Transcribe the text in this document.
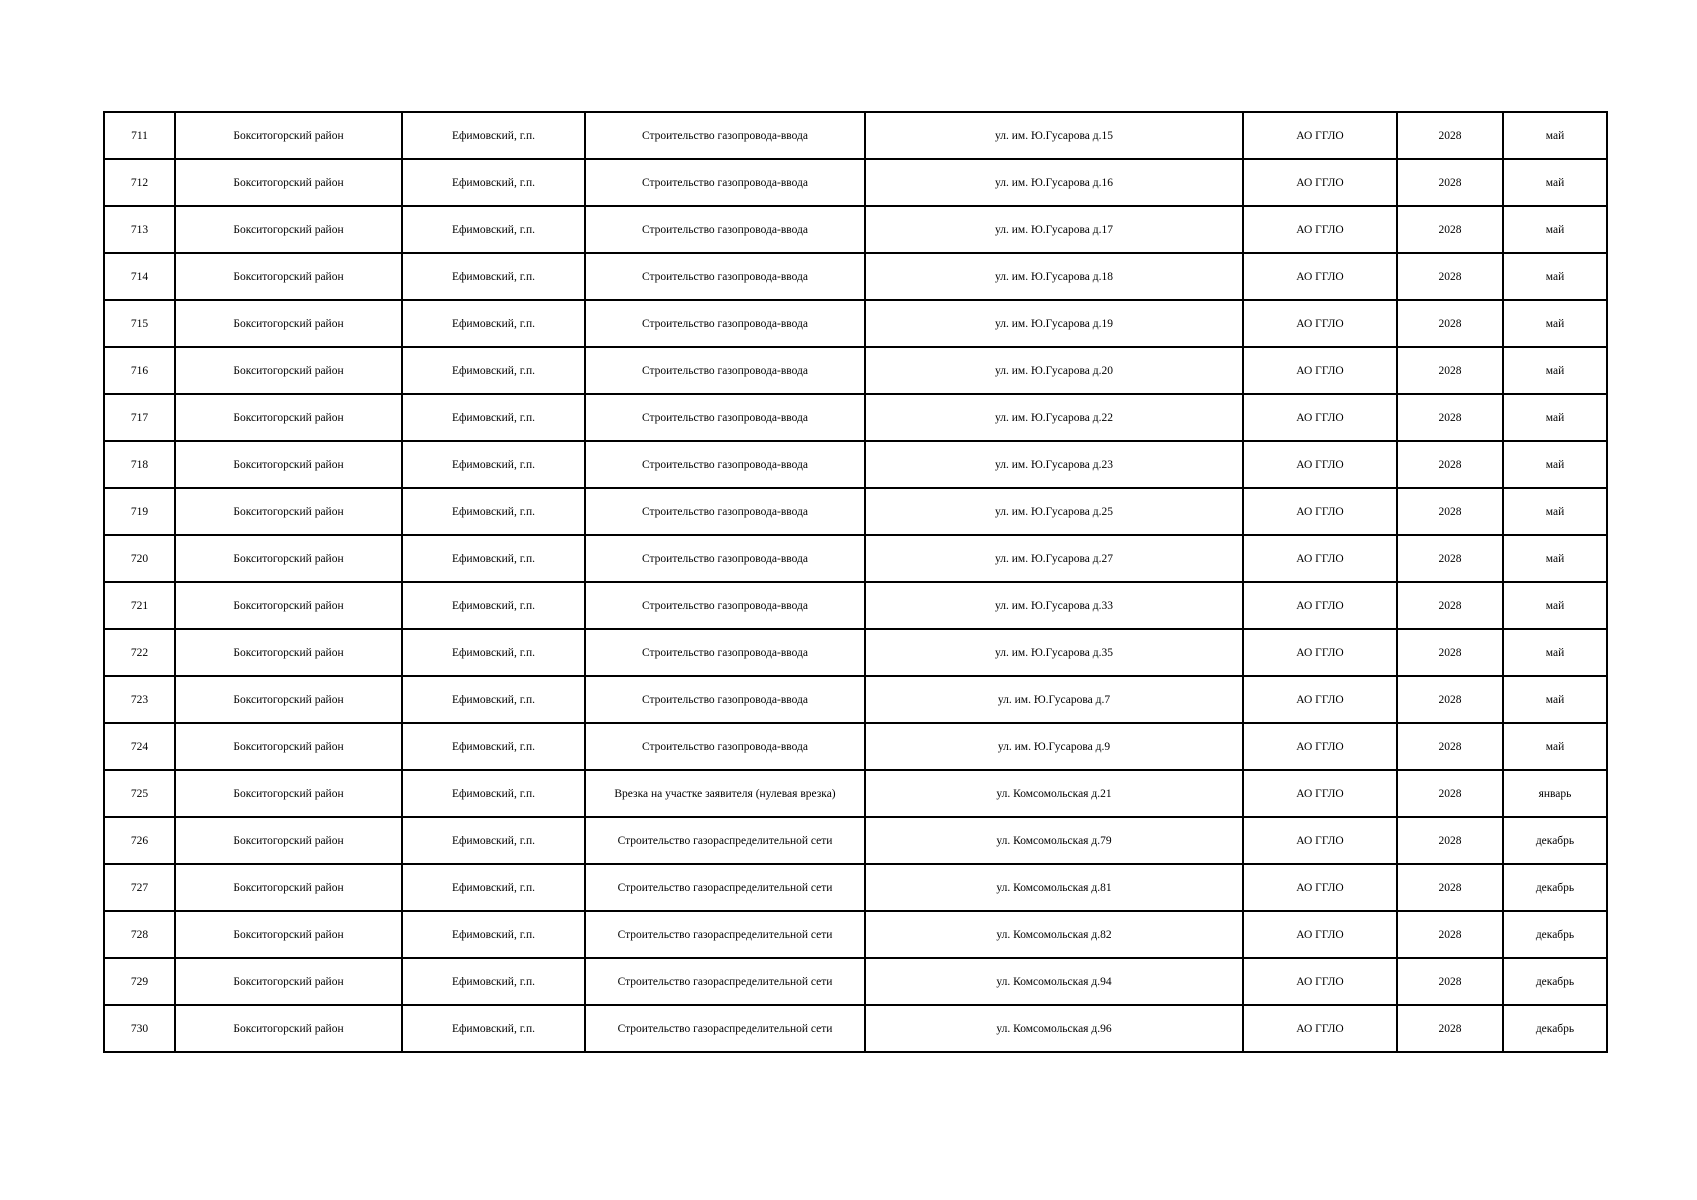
711	Бокситогорский район	Ефимовский, г.п.	Строительство газопровода-ввода	ул. им. Ю.Гусарова д.15	АО ГГЛО	2028	май
712	Бокситогорский район	Ефимовский, г.п.	Строительство газопровода-ввода	ул. им. Ю.Гусарова д.16	АО ГГЛО	2028	май
713	Бокситогорский район	Ефимовский, г.п.	Строительство газопровода-ввода	ул. им. Ю.Гусарова д.17	АО ГГЛО	2028	май
714	Бокситогорский район	Ефимовский, г.п.	Строительство газопровода-ввода	ул. им. Ю.Гусарова д.18	АО ГГЛО	2028	май
715	Бокситогорский район	Ефимовский, г.п.	Строительство газопровода-ввода	ул. им. Ю.Гусарова д.19	АО ГГЛО	2028	май
716	Бокситогорский район	Ефимовский, г.п.	Строительство газопровода-ввода	ул. им. Ю.Гусарова д.20	АО ГГЛО	2028	май
717	Бокситогорский район	Ефимовский, г.п.	Строительство газопровода-ввода	ул. им. Ю.Гусарова д.22	АО ГГЛО	2028	май
718	Бокситогорский район	Ефимовский, г.п.	Строительство газопровода-ввода	ул. им. Ю.Гусарова д.23	АО ГГЛО	2028	май
719	Бокситогорский район	Ефимовский, г.п.	Строительство газопровода-ввода	ул. им. Ю.Гусарова д.25	АО ГГЛО	2028	май
720	Бокситогорский район	Ефимовский, г.п.	Строительство газопровода-ввода	ул. им. Ю.Гусарова д.27	АО ГГЛО	2028	май
721	Бокситогорский район	Ефимовский, г.п.	Строительство газопровода-ввода	ул. им. Ю.Гусарова д.33	АО ГГЛО	2028	май
722	Бокситогорский район	Ефимовский, г.п.	Строительство газопровода-ввода	ул. им. Ю.Гусарова д.35	АО ГГЛО	2028	май
723	Бокситогорский район	Ефимовский, г.п.	Строительство газопровода-ввода	ул. им. Ю.Гусарова д.7	АО ГГЛО	2028	май
724	Бокситогорский район	Ефимовский, г.п.	Строительство газопровода-ввода	ул. им. Ю.Гусарова д.9	АО ГГЛО	2028	май
725	Бокситогорский район	Ефимовский, г.п.	Врезка на участке заявителя (нулевая врезка)	ул. Комсомольская д.21	АО ГГЛО	2028	январь
726	Бокситогорский район	Ефимовский, г.п.	Строительство газораспределительной сети	ул. Комсомольская д.79	АО ГГЛО	2028	декабрь
727	Бокситогорский район	Ефимовский, г.п.	Строительство газораспределительной сети	ул. Комсомольская д.81	АО ГГЛО	2028	декабрь
728	Бокситогорский район	Ефимовский, г.п.	Строительство газораспределительной сети	ул. Комсомольская д.82	АО ГГЛО	2028	декабрь
729	Бокситогорский район	Ефимовский, г.п.	Строительство газораспределительной сети	ул. Комсомольская д.94	АО ГГЛО	2028	декабрь
730	Бокситогорский район	Ефимовский, г.п.	Строительство газораспределительной сети	ул. Комсомольская д.96	АО ГГЛО	2028	декабрь
